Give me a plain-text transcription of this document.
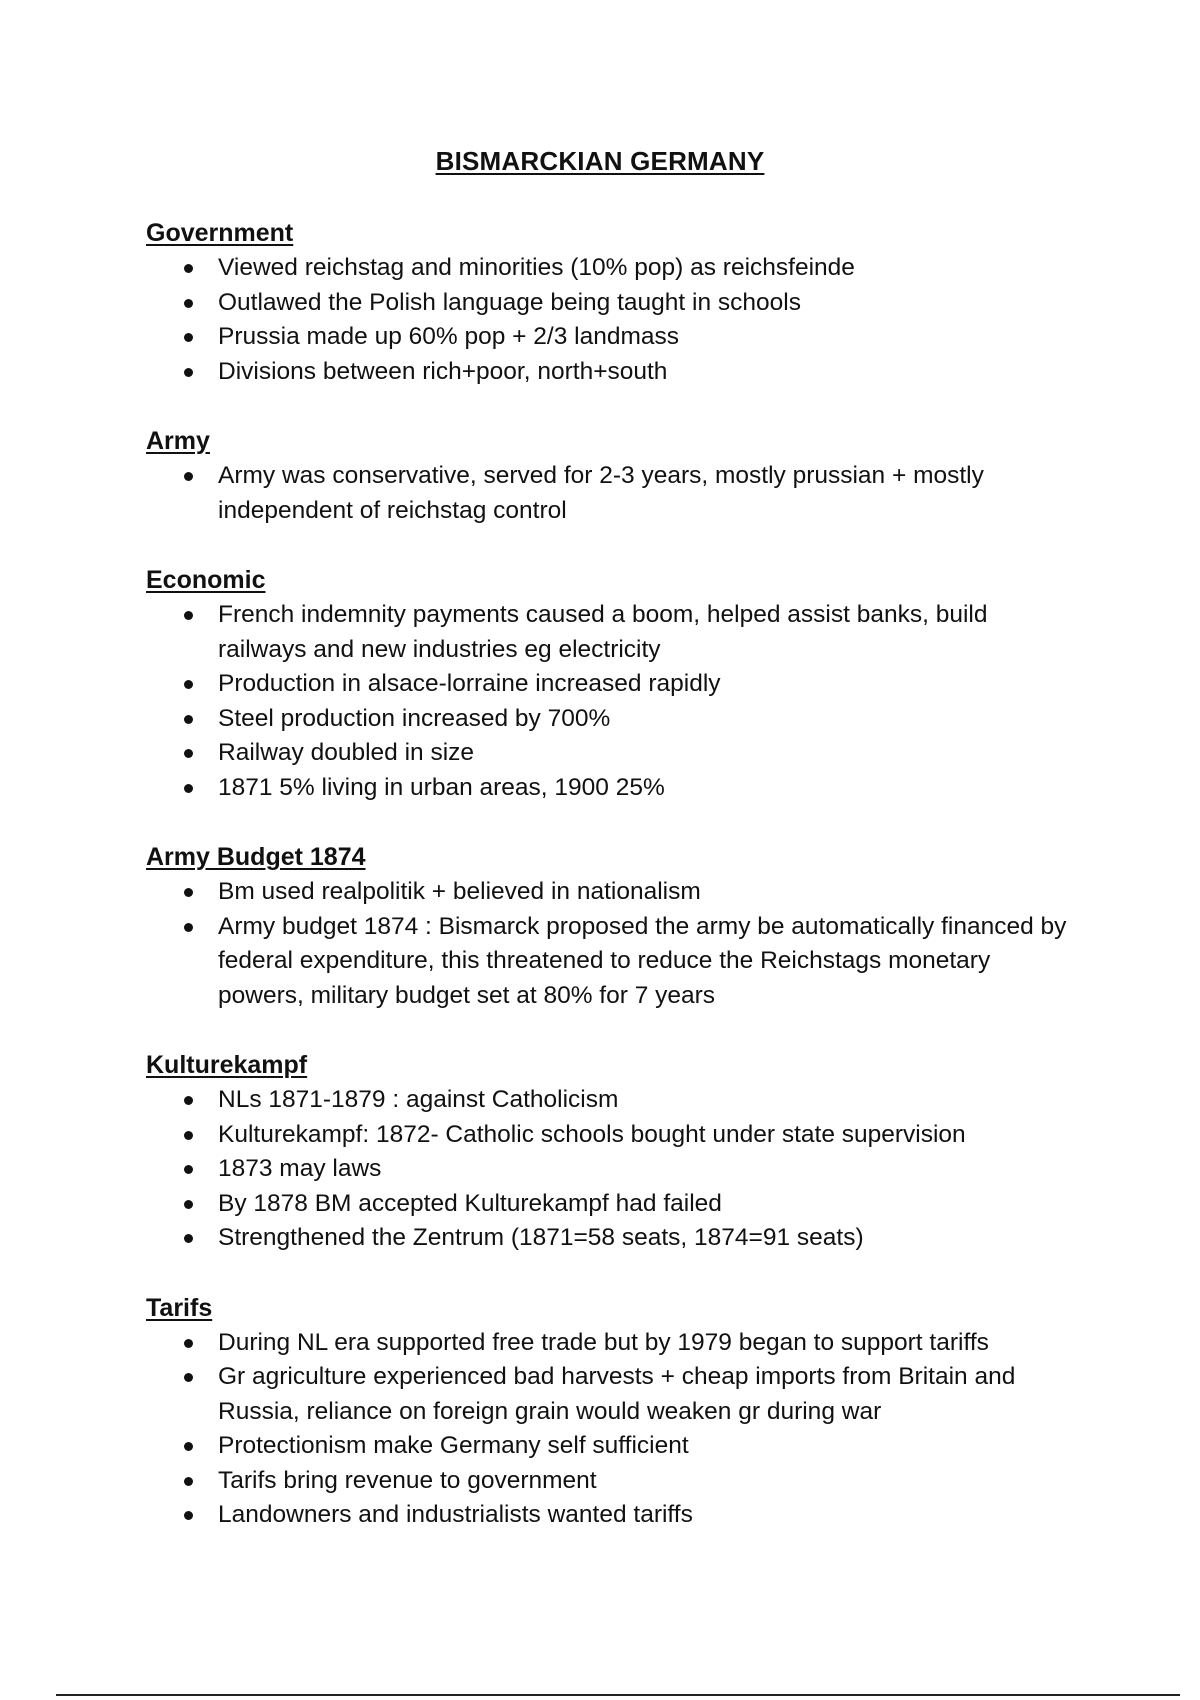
BISMARCKIAN GERMANY
Government
Viewed reichstag and minorities (10% pop) as reichsfeinde
Outlawed the Polish language being taught in schools
Prussia made up 60% pop + 2/3 landmass
Divisions between rich+poor, north+south
Army
Army was conservative, served for 2-3 years, mostly prussian + mostly independent of reichstag control
Economic
French indemnity payments caused a boom, helped assist banks, build railways and new industries eg electricity
Production in alsace-lorraine increased rapidly
Steel production increased by 700%
Railway doubled in size
1871 5% living in urban areas, 1900 25%
Army Budget 1874
Bm used realpolitik + believed in nationalism
Army budget 1874 : Bismarck proposed the army be automatically financed by federal expenditure, this threatened to reduce the Reichstags monetary powers, military budget set at 80% for 7 years
Kulturekampf
NLs 1871-1879 : against Catholicism
Kulturekampf: 1872- Catholic schools bought under state supervision
1873 may laws
By 1878 BM accepted Kulturekampf had failed
Strengthened the Zentrum (1871=58 seats, 1874=91 seats)
Tarifs
During NL era supported free trade but by 1979 began to support tariffs
Gr agriculture experienced bad harvests + cheap imports from Britain and Russia, reliance on foreign grain would weaken gr during war
Protectionism make Germany self sufficient
Tarifs bring revenue to government
Landowners and industrialists wanted tariffs
